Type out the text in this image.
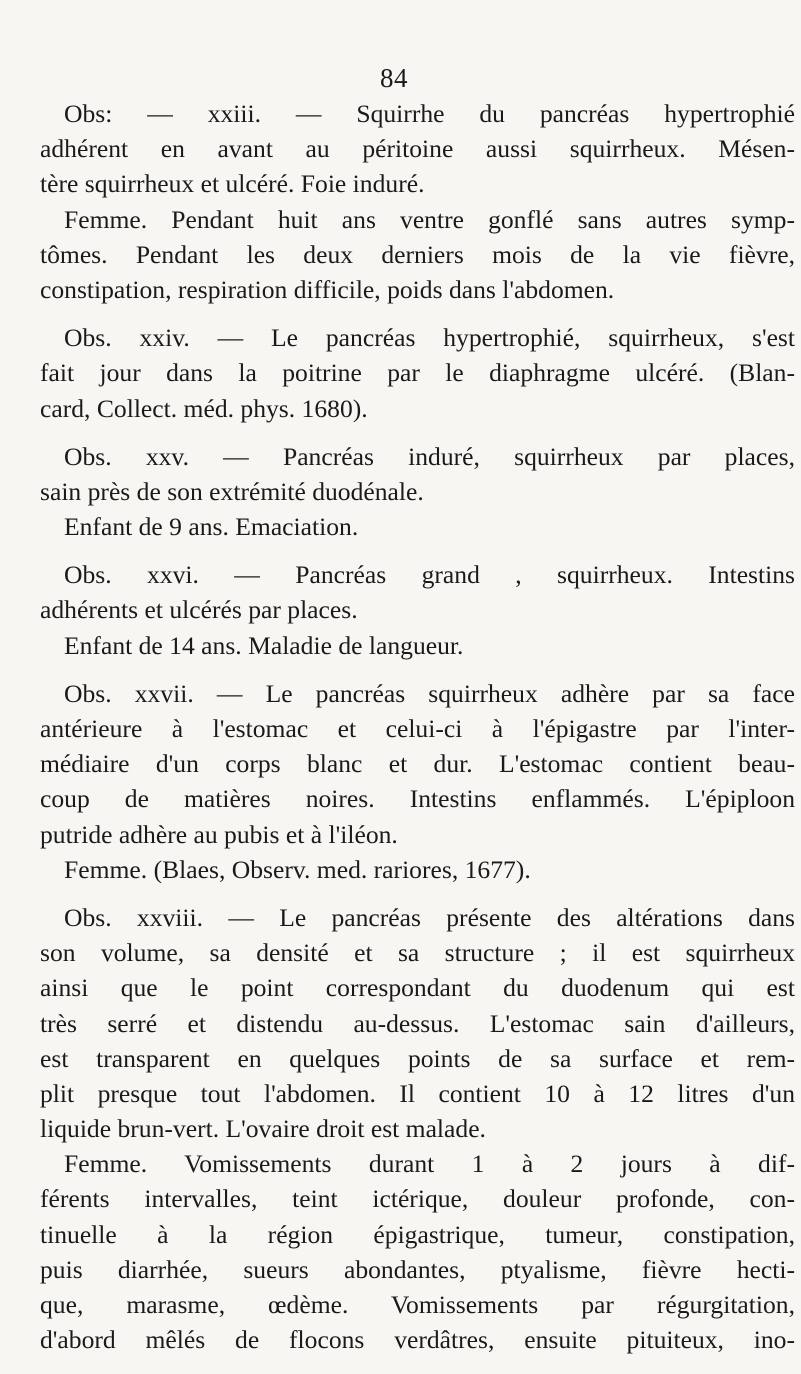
84
Obs: — xxiii. — Squirrhe du pancréas hypertrophié
adhérent en avant au péritoine aussi squirrheux. Mésen-
tère squirrheux et ulcéré. Foie induré.
Femme. Pendant huit ans ventre gonflé sans autres symp-
tômes. Pendant les deux derniers mois de la vie fièvre,
constipation, respiration difficile, poids dans l'abdomen.
Obs. xxiv. — Le pancréas hypertrophié, squirrheux, s'est
fait jour dans la poitrine par le diaphragme ulcéré. (Blan-
card, Collect. méd. phys. 1680).
Obs. xxv. — Pancréas induré, squirrheux par places,
sain près de son extrémité duodénale.
Enfant de 9 ans. Emaciation.
Obs. xxvi. — Pancréas grand , squirrheux. Intestins
adhérents et ulcérés par places.
Enfant de 14 ans. Maladie de langueur.
Obs. xxvii. — Le pancréas squirrheux adhère par sa face
antérieure à l'estomac et celui-ci à l'épigastre par l'inter-
médiaire d'un corps blanc et dur. L'estomac contient beau-
coup de matières noires. Intestins enflammés. L'épiploon
putride adhère au pubis et à l'iléon.
Femme. (Blaes, Observ. med. rariores, 1677).
Obs. xxviii. — Le pancréas présente des altérations dans
son volume, sa densité et sa structure ; il est squirrheux
ainsi que le point correspondant du duodenum qui est
très serré et distendu au-dessus. L'estomac sain d'ailleurs,
est transparent en quelques points de sa surface et rem-
plit presque tout l'abdomen. Il contient 10 à 12 litres d'un
liquide brun-vert. L'ovaire droit est malade.
Femme. Vomissements durant 1 à 2 jours à dif-
férents intervalles, teint ictérique, douleur profonde, con-
tinuelle à la région épigastrique, tumeur, constipation,
puis diarrhée, sueurs abondantes, ptyalisme, fièvre hecti-
que, marasme, œdème. Vomissements par régurgitation,
d'abord mêlés de flocons verdâtres, ensuite pituiteux, ino-
